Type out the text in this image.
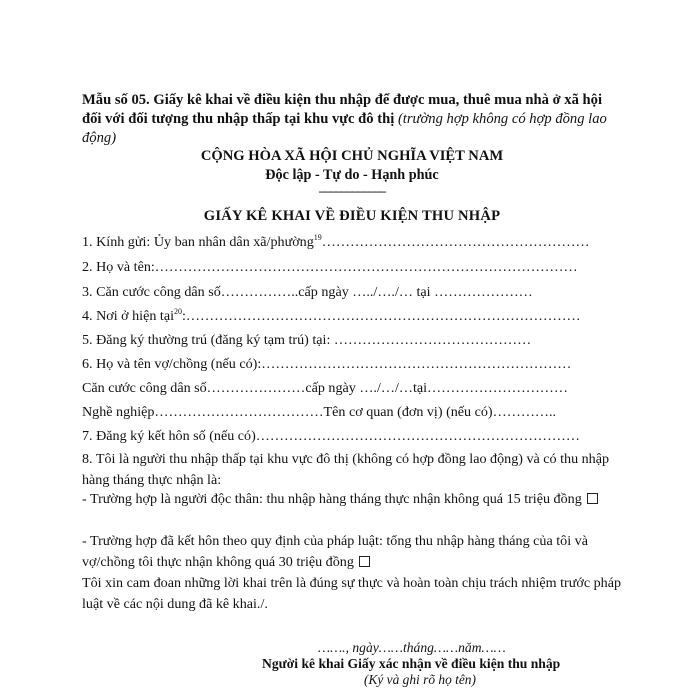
Mẫu số 05. Giấy kê khai về điều kiện thu nhập để được mua, thuê mua nhà ở xã hội đối với đối tượng thu nhập thấp tại khu vực đô thị (trường hợp không có hợp đồng lao động)
CỘNG HÒA XÃ HỘI CHỦ NGHĨA VIỆT NAM
Độc lập - Tự do - Hạnh phúc
––––––––––––
GIẤY KÊ KHAI VỀ ĐIỀU KIỆN THU NHẬP
1. Kính gửi: Ủy ban nhân dân xã/phường$^{19}$…………………………………………………
2. Họ và tên:………………………………………………………………………………
3. Căn cước công dân số……………..cấp ngày …../…./… tại …………………
4. Nơi ở hiện tại$^{20}$:…………………………………………………………………………
5. Đăng ký thường trú (đăng ký tạm trú) tại: ……………………………………
6. Họ và tên vợ/chồng (nếu có):…………………………………………………………
Căn cước công dân số…………………cấp ngày …./…/…tại…………………………
Nghề nghiệp………………………………Tên cơ quan (đơn vị) (nếu có)…………..
7. Đăng ký kết hôn số (nếu có)……………………………………………………………
8. Tôi là người thu nhập thấp tại khu vực đô thị (không có hợp đồng lao động) và có thu nhập hàng tháng thực nhận là:
- Trường hợp là người độc thân: thu nhập hàng tháng thực nhận không quá 15 triệu đồng
- Trường hợp đã kết hôn theo quy định của pháp luật: tổng thu nhập hàng tháng của tôi và vợ/chồng tôi thực nhận không quá 30 triệu đồng
Tôi xin cam đoan những lời khai trên là đúng sự thực và hoàn toàn chịu trách nhiệm trước pháp luật về các nội dung đã kê khai./.
……., ngày……tháng……năm……
Người kê khai Giấy xác nhận về điều kiện thu nhập
(Ký và ghi rõ họ tên)
